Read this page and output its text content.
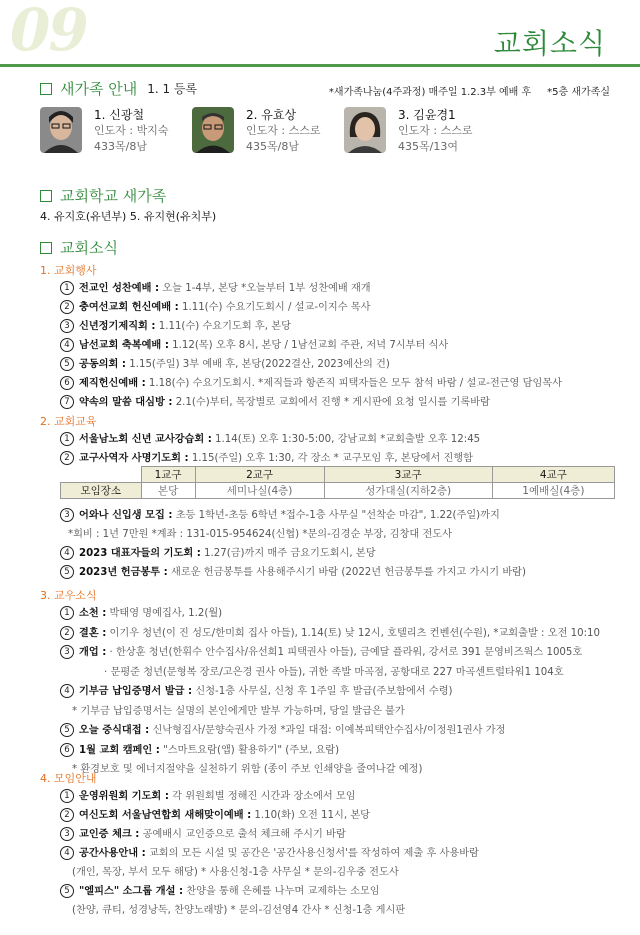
09	교회소식
새가족 안내 1. 1 등록	*새가족나눔(4주과정) 매주일 1.2.3부 예배 후 *5층 새가족실
1. 신광철
인도자 : 박지숙
433목/8남
2. 유효상
인도자 : 스스로
435목/8남
3. 김윤경1
인도자 : 스스로
435목/13여
교회학교 새가족
4. 유지호(유년부) 5. 유지현(유치부)
교회소식
1. 교회행사
1 전교인 성찬예배 : 오늘 1-4부, 본당 *오늘부터 1부 성찬예배 재개
2 충여선교회 헌신예배 : 1.11(수) 수요기도회시 / 설교-이지수 목사
3 신년정기제직회 : 1.11(수) 수요기도회 후, 본당
4 남선교회 축복예배 : 1.12(목) 오후 8시, 본당 / 1남선교회 주관, 저녁 7시부터 식사
5 공동의회 : 1.15(주일) 3부 예배 후, 본당(2022결산, 2023예산의 건)
6 제직헌신예배 : 1.18(수) 수요기도회시. *제직들과 항존직 피택자들은 모두 참석 바람 / 설교-전근영 담임목사
7 약속의 말씀 대심방 : 2.1(수)부터, 목장별로 교회에서 진행 * 게시판에 요청 일시를 기록바람
2. 교회교육
1 서울남노회 신년 교사강습회 : 1.14(토) 오후 1:30-5:00, 강남교회 *교회출발 오후 12:45
2 교구사역자 사명기도회 : 1.15(주일) 오후 1:30, 각 장소 * 교구모임 후, 본당에서 진행함
	1교구	2교구	3교구	4교구
모임장소	본당	세미나실(4층)	성가대실(지하2층)	1예배실(4층)
3 어와나 신입생 모집 : 초등 1학년-초등 6학년 *접수-1층 사무실 "선착순 마감", 1.22(주일)까지
*회비 : 1년 7만원 *계좌 : 131-015-954624(신협) *문의-김경순 부장, 김창대 전도사
4 2023 대표자들의 기도회 : 1.27(금)까지 매주 금요기도회시, 본당
5 2023년 헌금봉투 : 새로운 헌금봉투를 사용해주시기 바람 (2022년 헌금봉투를 가지고 가시기 바람)
3. 교우소식
1 소천 : 박태영 명예집사, 1.2(월)
2 결혼 : 이기우 청년(이 진 성도/한미희 집사 아들), 1.14(토) 낮 12시, 호텔리츠 컨벤션(수원), *교회출발 : 오전 10:10
3 개업 : · 한상훈 청년(한휘수 안수집사/유선희1 피택권사 아들), 금예달 플라워, 강서로 391 문영비즈웍스 1005호
· 문평준 청년(문형복 장로/고은경 권사 아들), 귀한 족발 마곡점, 공항대로 227 마곡센트럴타워1 104호
4 기부금 납입증명서 발급 : 신청-1층 사무실, 신청 후 1주일 후 발급(주보함에서 수령)
* 기부금 납입증명서는 실명의 본인에게만 발부 가능하며, 당일 발급은 불가
5 오늘 중식대접 : 신낙형집사/문향숙권사 가정 *과일 대접: 이예복피택안수집사/이정원1권사 가정
6 1월 교회 캠페인 : "스마트요람(앱) 활용하기" (주보, 요람)
* 환경보호 및 에너지절약을 실천하기 위함 (종이 주보 인쇄양을 줄여나갈 예정)
4. 모임안내
1 운영위원회 기도회 : 각 위원회별 정해진 시간과 장소에서 모임
2 여신도회 서울남연합회 새해맞이예배 : 1.10(화) 오전 11시, 본당
3 교인증 체크 : 공예배시 교인증으로 출석 체크해 주시기 바람
4 공간사용안내 : 교회의 모든 시설 및 공간은 '공간사용신청서'를 작성하여 제출 후 사용바람
(개인, 목장, 부서 모두 해당) * 사용신청-1층 사무실 * 문의-김우중 전도사
5 "엘피스" 소그룹 개설 : 찬양을 통해 은혜를 나누며 교제하는 소모임
(찬양, 큐티, 성경낭독, 찬양노래방) * 문의-김선영4 간사 * 신청-1층 게시판
